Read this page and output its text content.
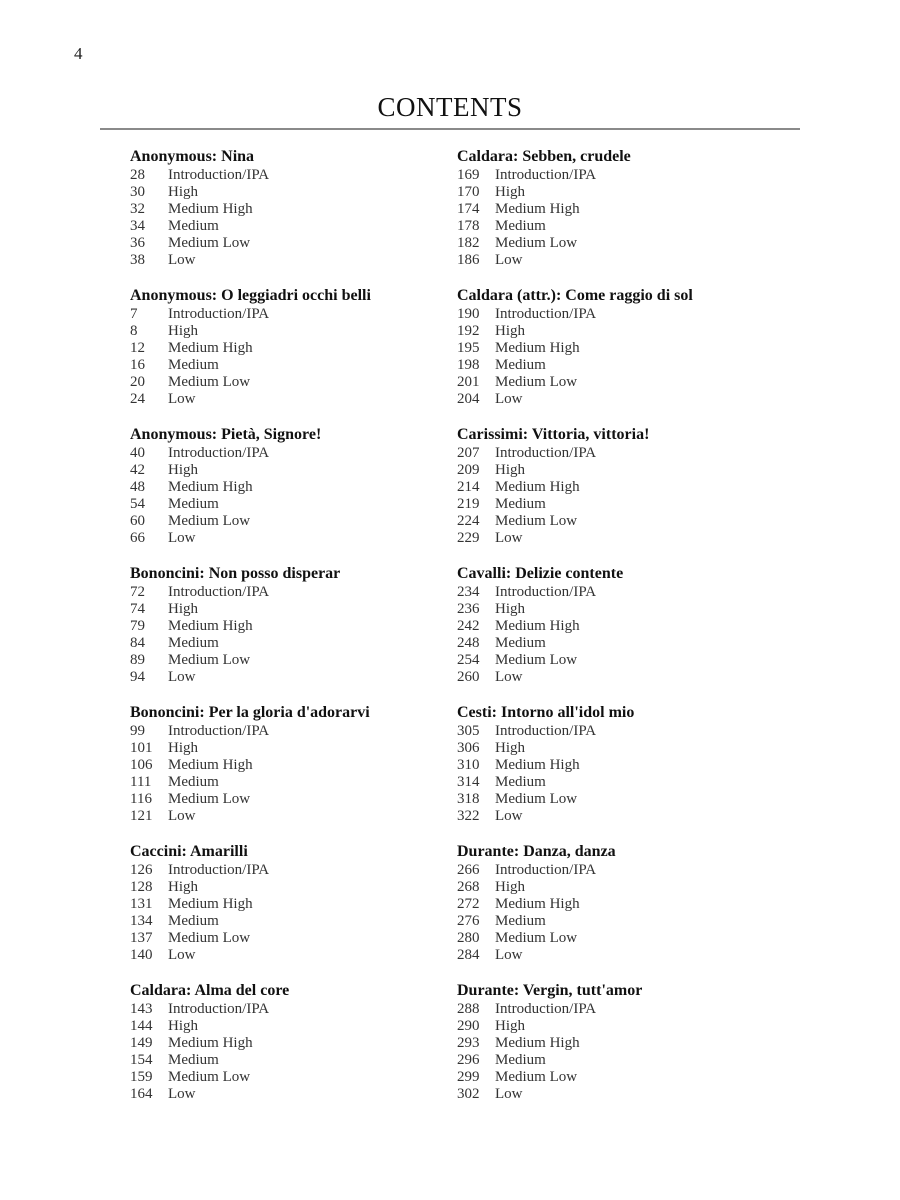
4
CONTENTS
Anonymous: Nina
28	Introduction/IPA
30	High
32	Medium High
34	Medium
36	Medium Low
38	Low
Anonymous: O leggiadri occhi belli
7	Introduction/IPA
8	High
12	Medium High
16	Medium
20	Medium Low
24	Low
Anonymous: Pietà, Signore!
40	Introduction/IPA
42	High
48	Medium High
54	Medium
60	Medium Low
66	Low
Bononcini: Non posso disperar
72	Introduction/IPA
74	High
79	Medium High
84	Medium
89	Medium Low
94	Low
Bononcini: Per la gloria d'adorarvi
99	Introduction/IPA
101	High
106	Medium High
111	Medium
116	Medium Low
121	Low
Caccini: Amarilli
126	Introduction/IPA
128	High
131	Medium High
134	Medium
137	Medium Low
140	Low
Caldara: Alma del core
143	Introduction/IPA
144	High
149	Medium High
154	Medium
159	Medium Low
164	Low
Caldara: Sebben, crudele
169	Introduction/IPA
170	High
174	Medium High
178	Medium
182	Medium Low
186	Low
Caldara (attr.): Come raggio di sol
190	Introduction/IPA
192	High
195	Medium High
198	Medium
201	Medium Low
204	Low
Carissimi: Vittoria, vittoria!
207	Introduction/IPA
209	High
214	Medium High
219	Medium
224	Medium Low
229	Low
Cavalli: Delizie contente
234	Introduction/IPA
236	High
242	Medium High
248	Medium
254	Medium Low
260	Low
Cesti: Intorno all'idol mio
305	Introduction/IPA
306	High
310	Medium High
314	Medium
318	Medium Low
322	Low
Durante: Danza, danza
266	Introduction/IPA
268	High
272	Medium High
276	Medium
280	Medium Low
284	Low
Durante: Vergin, tutt'amor
288	Introduction/IPA
290	High
293	Medium High
296	Medium
299	Medium Low
302	Low
